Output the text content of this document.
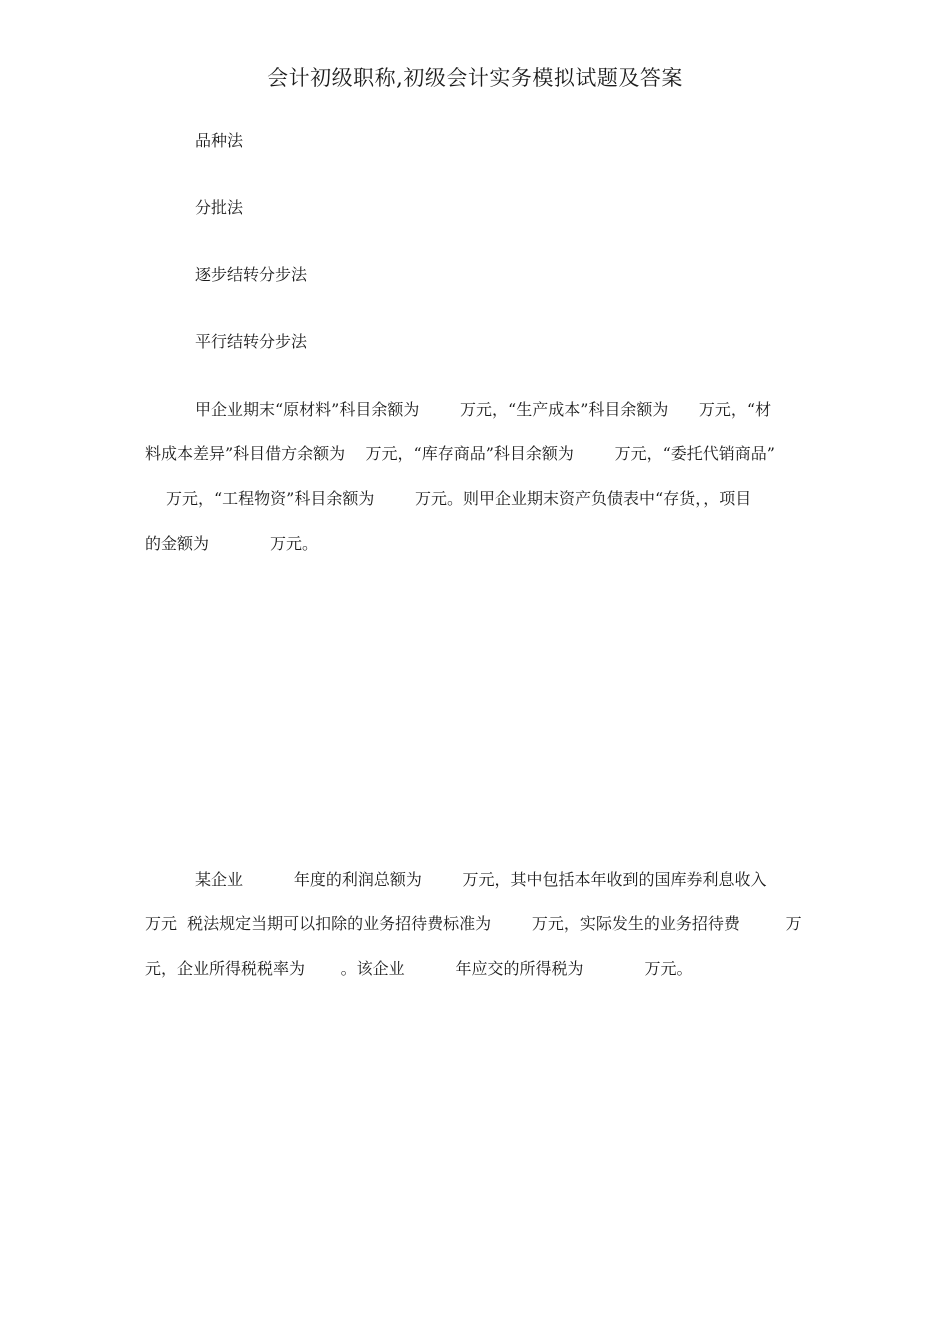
会计初级职称,初级会计实务模拟试题及答案
品种法
分批法
逐步结转分步法
平行结转分步法
甲企业期末“原材料”科目余额为        万元，“生产成本”科目余额为      万元，“材
料成本差异”科目借方余额为    万元，“库存商品”科目余额为        万元，“委托代销商品”
万元，“工程物资”科目余额为        万元。则甲企业期末资产负债表中“存货，，项目
的金额为            万元。
某企业          年度的利润总额为        万元，其中包括本年收到的国库券利息收入
万元  税法规定当期可以扣除的业务招待费标准为        万元，实际发生的业务招待费         万
元，企业所得税税率为       。该企业          年应交的所得税为            万元。
